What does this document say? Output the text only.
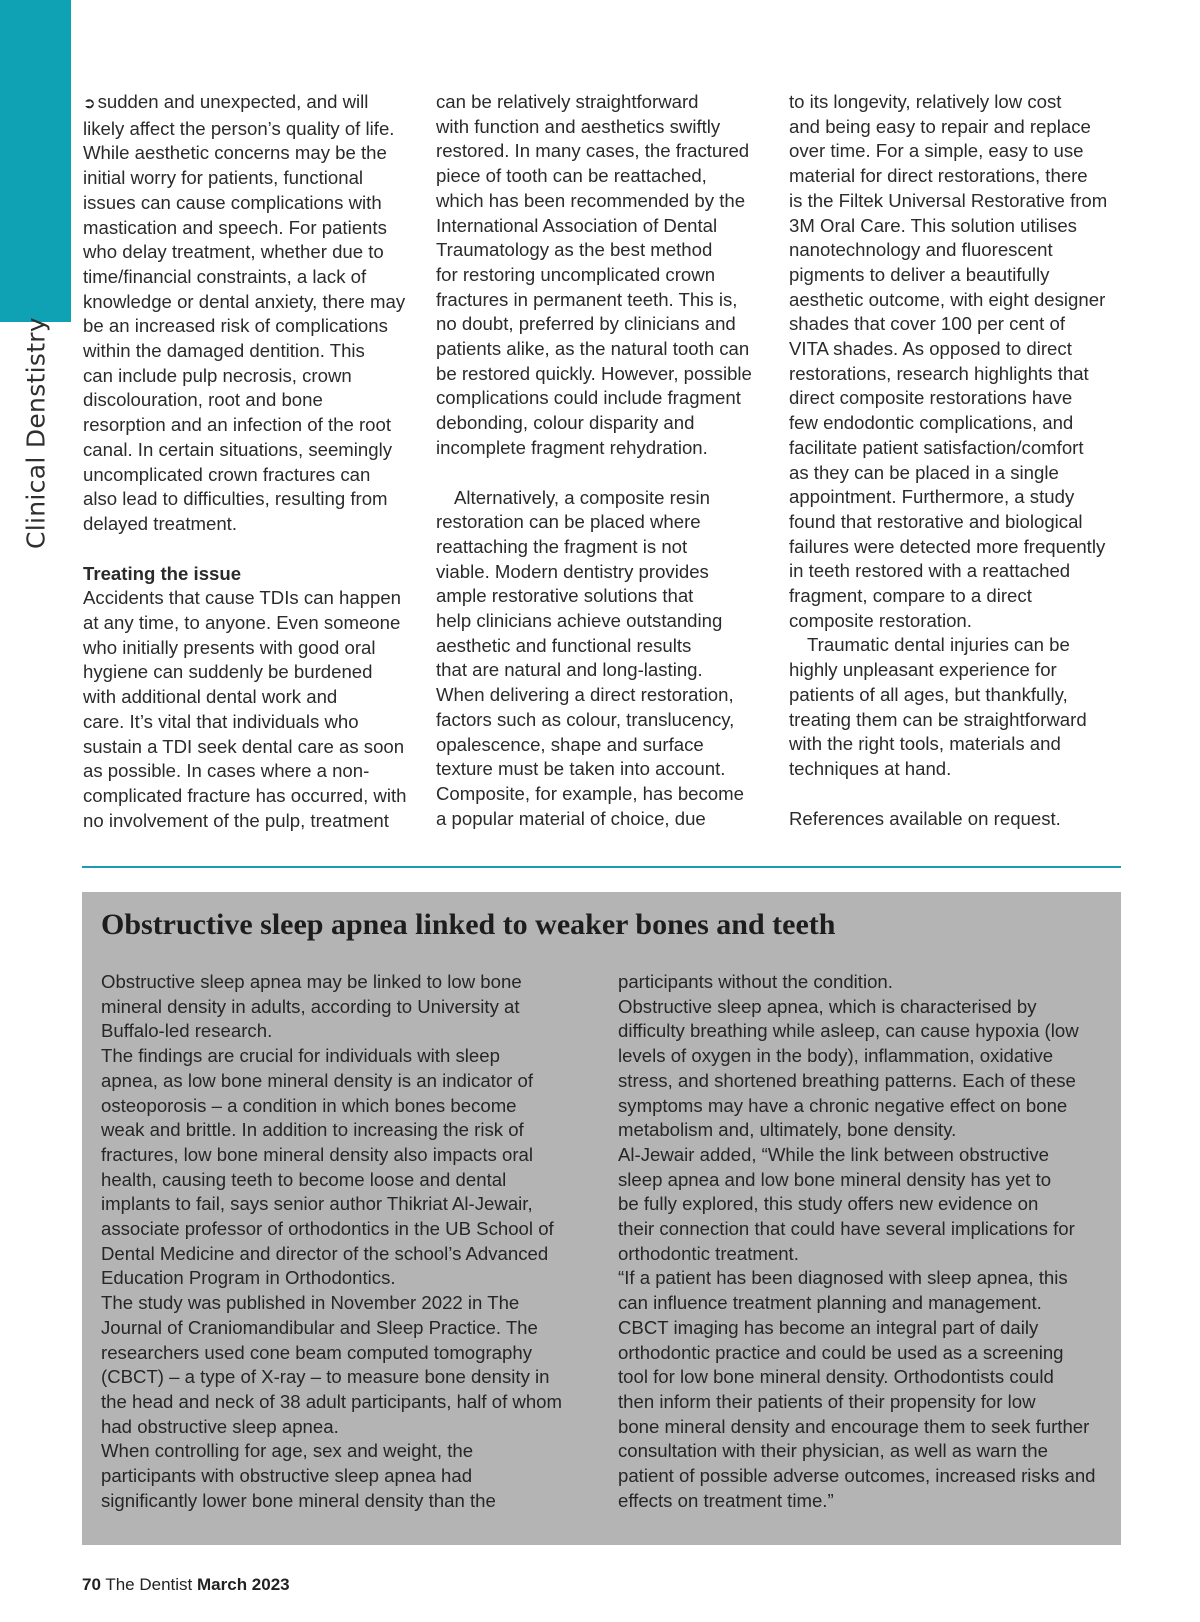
Clinical Denstistry

➲ sudden and unexpected, and will

likely affect the person’s quality of life.

While aesthetic concerns may be the

initial worry for patients, functional

issues can cause complications with

mastication and speech. For patients

who delay treatment, whether due to

time/financial constraints, a lack of

knowledge or dental anxiety, there may

be an increased risk of complications

within the damaged dentition. This

can include pulp necrosis, crown

discolouration, root and bone

resorption and an infection of the root

canal. In certain situations, seemingly

uncomplicated crown fractures can

also lead to difficulties, resulting from

delayed treatment.

Treating the issue

Accidents that cause TDIs can happen

at any time, to anyone. Even someone

who initially presents with good oral

hygiene can suddenly be burdened

with additional dental work and

care. It’s vital that individuals who

sustain a TDI seek dental care as soon

as possible. In cases where a non-

complicated fracture has occurred, with

no involvement of the pulp, treatment

can be relatively straightforward

with function and aesthetics swiftly

restored. In many cases, the fractured

piece of tooth can be reattached,

which has been recommended by the

International Association of Dental

Traumatology as the best method

for restoring uncomplicated crown

fractures in permanent teeth. This is,

no doubt, preferred by clinicians and

patients alike, as the natural tooth can

be restored quickly. However, possible

complications could include fragment

debonding, colour disparity and

incomplete fragment rehydration.

Alternatively, a composite resin

restoration can be placed where

reattaching the fragment is not

viable. Modern dentistry provides

ample restorative solutions that

help clinicians achieve outstanding

aesthetic and functional results

that are natural and long-lasting.

When delivering a direct restoration,

factors such as colour, translucency,

opalescence, shape and surface

texture must be taken into account.

Composite, for example, has become

a popular material of choice, due

to its longevity, relatively low cost

and being easy to repair and replace

over time. For a simple, easy to use

material for direct restorations, there

is the Filtek Universal Restorative from

3M Oral Care. This solution utilises

nanotechnology and fluorescent

pigments to deliver a beautifully

aesthetic outcome, with eight designer

shades that cover 100 per cent of

VITA shades. As opposed to direct

restorations, research highlights that

direct composite restorations have

few endodontic complications, and

facilitate patient satisfaction/comfort

as they can be placed in a single

appointment. Furthermore, a study

found that restorative and biological

failures were detected more frequently

in teeth restored with a reattached

fragment, compare to a direct

composite restoration.

Traumatic dental injuries can be

highly unpleasant experience for

patients of all ages, but thankfully,

treating them can be straightforward

with the right tools, materials and

techniques at hand.

References available on request.

Obstructive sleep apnea linked to weaker bones and teeth

Obstructive sleep apnea may be linked to low bone

mineral density in adults, according to University at

Buffalo-led research.

The findings are crucial for individuals with sleep

apnea, as low bone mineral density is an indicator of

osteoporosis – a condition in which bones become

weak and brittle. In addition to increasing the risk of

fractures, low bone mineral density also impacts oral

health, causing teeth to become loose and dental

implants to fail, says senior author Thikriat Al-Jewair,

associate professor of orthodontics in the UB School of

Dental Medicine and director of the school’s Advanced

Education Program in Orthodontics.

The study was published in November 2022 in The

Journal of Craniomandibular and Sleep Practice. The

researchers used cone beam computed tomography

(CBCT) – a type of X-ray – to measure bone density in

the head and neck of 38 adult participants, half of whom

had obstructive sleep apnea.

When controlling for age, sex and weight, the

participants with obstructive sleep apnea had

significantly lower bone mineral density than the

participants without the condition.

Obstructive sleep apnea, which is characterised by

difficulty breathing while asleep, can cause hypoxia (low

levels of oxygen in the body), inflammation, oxidative

stress, and shortened breathing patterns. Each of these

symptoms may have a chronic negative effect on bone

metabolism and, ultimately, bone density.

Al-Jewair added, “While the link between obstructive

sleep apnea and low bone mineral density has yet to

be fully explored, this study offers new evidence on

their connection that could have several implications for

orthodontic treatment.

“If a patient has been diagnosed with sleep apnea, this

can influence treatment planning and management.

CBCT imaging has become an integral part of daily

orthodontic practice and could be used as a screening

tool for low bone mineral density. Orthodontists could

then inform their patients of their propensity for low

bone mineral density and encourage them to seek further

consultation with their physician, as well as warn the

patient of possible adverse outcomes, increased risks and

effects on treatment time.”

70 The Dentist March 2023
